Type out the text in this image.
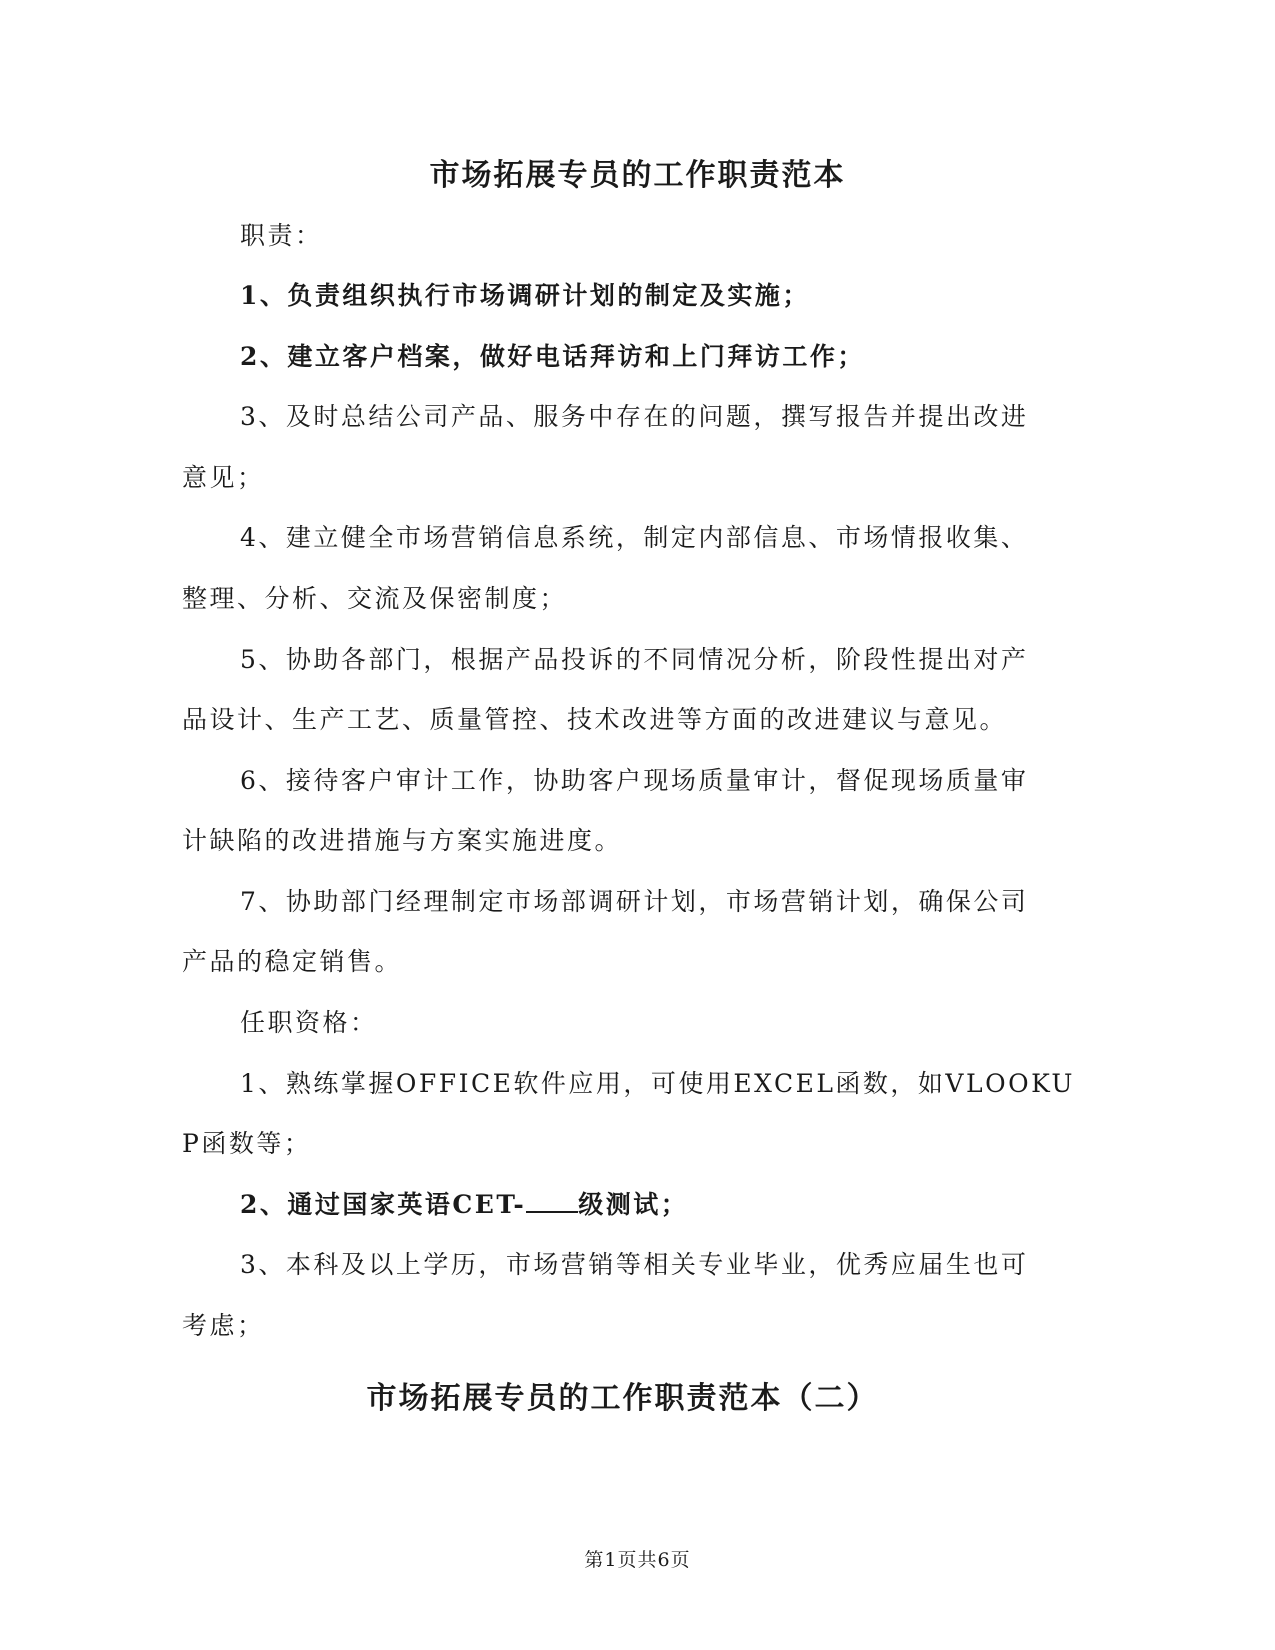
市场拓展专员的工作职责范本
职责：
1、负责组织执行市场调研计划的制定及实施；
2、建立客户档案，做好电话拜访和上门拜访工作；
3、及时总结公司产品、服务中存在的问题，撰写报告并提出改进
意见；
4、建立健全市场营销信息系统，制定内部信息、市场情报收集、
整理、分析、交流及保密制度；
5、协助各部门，根据产品投诉的不同情况分析，阶段性提出对产
品设计、生产工艺、质量管控、技术改进等方面的改进建议与意见。
6、接待客户审计工作，协助客户现场质量审计，督促现场质量审
计缺陷的改进措施与方案实施进度。
7、协助部门经理制定市场部调研计划，市场营销计划，确保公司
产品的稳定销售。
任职资格：
1、熟练掌握OFFICE软件应用，可使用EXCEL函数，如VLOOKU
P函数等；
2、通过国家英语CET- 级测试；
3、本科及以上学历，市场营销等相关专业毕业，优秀应届生也可
考虑；
市场拓展专员的工作职责范本（二）
第1页共6页
